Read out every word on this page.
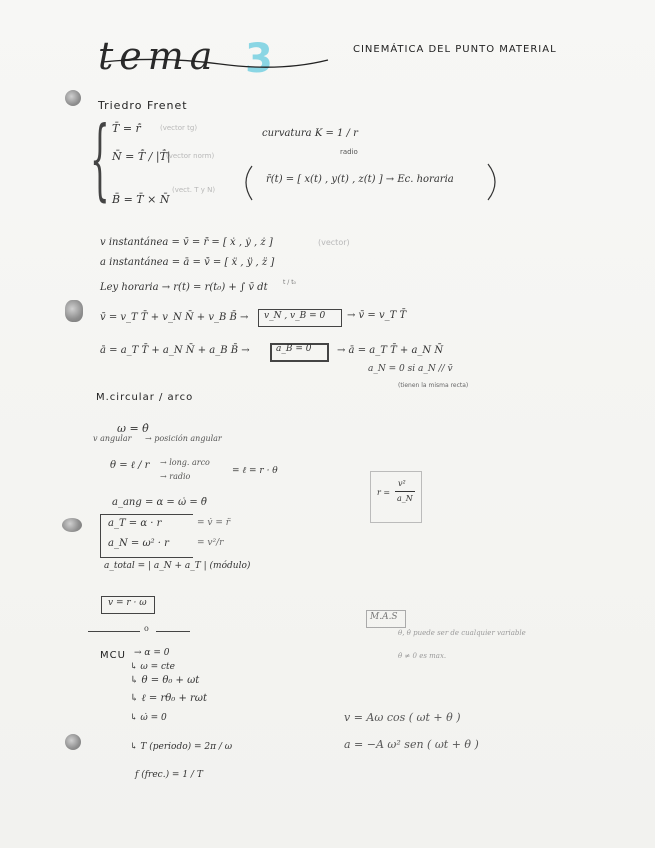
3
tema	CINEMÁTICA DEL PUNTO MATERIAL
Triedro Frenet
{ T̄ = r̄̇	(vector tg)
N̄ = T̄̇ / |T̄̇|
(vector norm)
B̄ = T̄ × N̄
(vect. T y N)
curvatura K = 1 / r
radio
r̄(t) = [ x(t) , y(t) , z(t) ] → Ec. horaria
v instantánea = v̄ = r̄̇ = [ ẋ , ẏ , ż ]	(vector)
a instantánea = ā = v̄̇ = [ ẍ , ÿ , z̈ ]
Ley horaria → r(t) = r(t₀) + ∫ v̄ dt	t / t₀
v̄ = v_T T̄ + v_N N̄ + v_B B̄ → v_N , v_B = 0 → v̄ = v_T T̄
ā = a_T T̄ + a_N N̄ + a_B B̄ →	a_B = 0	→ ā = a_T T̄ + a_N N̄
a_N = 0 si a_N // v̄
(tienen la misma recta)
M.circular / arco
ω = θ̇
v angular → posición angular
θ = ℓ / r → long. arco
→ radio
= ℓ = r · θ
a_ang = α = ω̇ = θ̈
a_T = α · r	= v̇ = r̈
a_N = ω² · r	= v²/r
a_total = | a_N + a_T | (módulo)
v = r · ω
r =
v²
a_N
o
MCU → α = 0
↳ ω = cte
↳ θ = θ₀ + ωt
↳ ℓ = rθ₀ + rωt
↳ ω̇ = 0
↳ T (periodo) = 2π / ω
f (frec.) = 1 / T
M.A.S
θ, θ̇ puede ser de cualquier variable
θ̇ ≠ 0 es max.
v = Aω cos ( ωt + θ )
a = −A ω² sen ( ωt + θ )
